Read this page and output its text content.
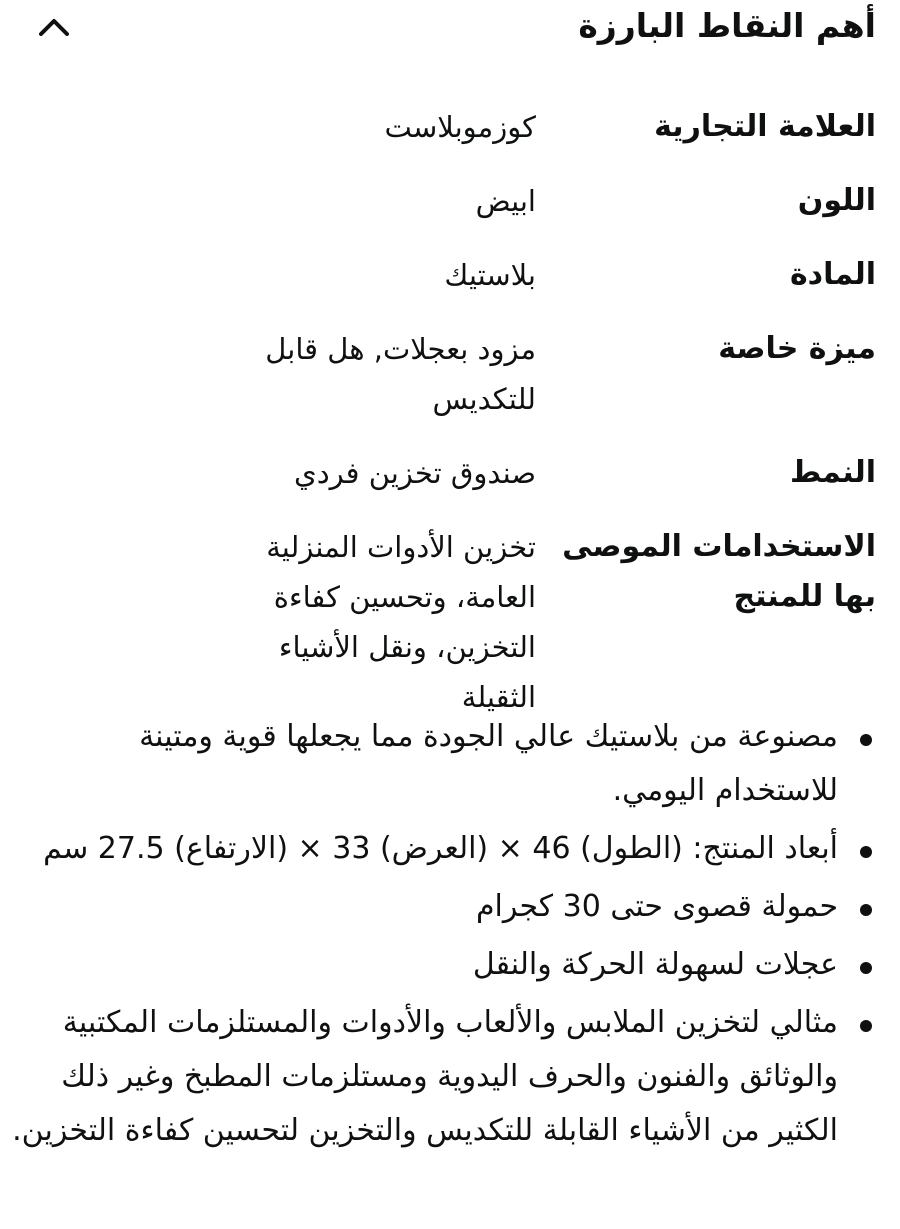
أهم النقاط البارزة
العلامة التجارية
كوزموبلاست
اللون
ابيض
المادة
بلاستيك
ميزة خاصة
مزود بعجلات, هل قابل للتكديس
النمط
صندوق تخزين فردي
الاستخدامات الموصى بها للمنتج
تخزين الأدوات المنزلية العامة، وتحسين كفاءة التخزين، ونقل الأشياء الثقيلة
مصنوعة من بلاستيك عالي الجودة مما يجعلها قوية ومتينة للاستخدام اليومي.
أبعاد المنتج: (الطول) 46 × (العرض) 33 × (الارتفاع) 27.5 سم
حمولة قصوى حتى 30 كجرام
عجلات لسهولة الحركة والنقل
مثالي لتخزين الملابس والألعاب والأدوات والمستلزمات المكتبية والوثائق والفنون والحرف اليدوية ومستلزمات المطبخ وغير ذلك الكثير من الأشياء القابلة للتكديس والتخزين لتحسين كفاءة التخزين.
